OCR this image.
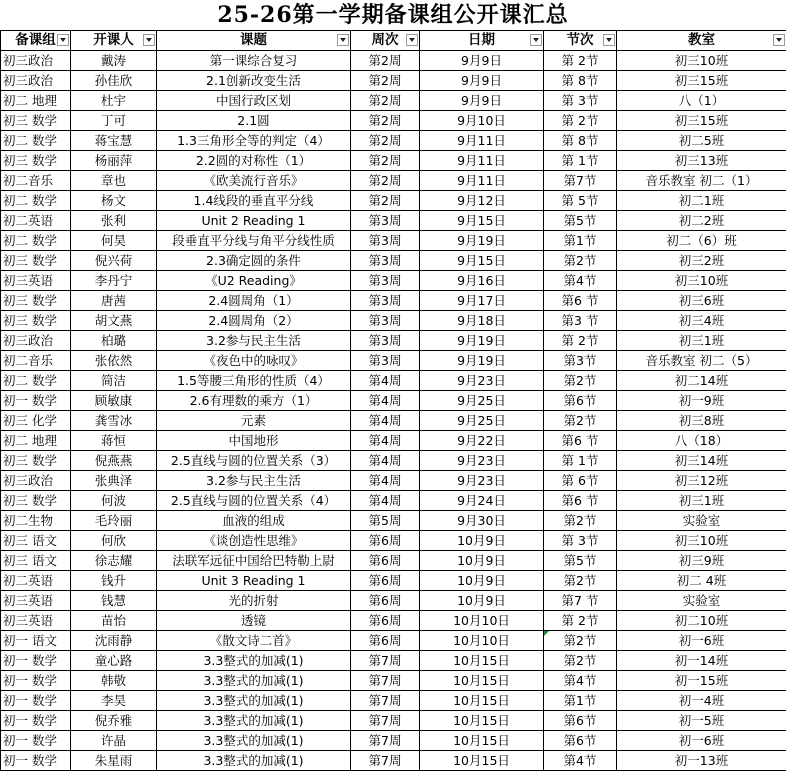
25-26第一学期备课组公开课汇总
备课组	开课人	课题	周次	日期	节次	教室

初三政治	戴涛	第一课综合复习	第2周	9月9日	第 2节	初三10班
初三政治	孙佳欣	2.1创新改变生活	第2周	9月9日	第 8节	初三15班
初二 地理	杜宇	中国行政区划	第2周	9月9日	第 3节	八（1）
初三 数学	丁可	2.1圆	第2周	9月10日	第 2节	初三15班
初二 数学	蒋宝慧	1.3三角形全等的判定（4）	第2周	9月11日	第 8节	初二5班
初三 数学	杨丽萍	2.2圆的对称性（1）	第2周	9月11日	第 1节	初三13班
初二音乐	章也	《欧美流行音乐》	第2周	9月11日	第7节	音乐教室 初二（1）
初二 数学	杨文	1.4线段的垂直平分线	第2周	9月12日	第 5节	初二1班
初二英语	张利	Unit 2 Reading 1	第3周	9月15日	第5节	初二2班
初二 数学	何昊	段垂直平分线与角平分线性质	第3周	9月19日	第1节	初二（6）班
初三 数学	倪兴荷	2.3确定圆的条件	第3周	9月15日	第2节	初三2班
初三英语	李丹宁	《U2 Reading》	第3周	9月16日	第4节	初三10班
初三 数学	唐茜	2.4圆周角（1）	第3周	9月17日	第6 节	初三6班
初三 数学	胡文燕	2.4圆周角（2）	第3周	9月18日	第3 节	初三4班
初三政治	柏璐	3.2参与民主生活	第3周	9月19日	第 2节	初三1班
初二音乐	张依然	《夜色中的咏叹》	第3周	9月19日	第3节	音乐教室 初二（5）
初二 数学	简洁	1.5等腰三角形的性质（4）	第4周	9月23日	第2节	初二14班
初一 数学	顾敏康	2.6有理数的乘方（1）	第4周	9月25日	第6节	初一9班
初三 化学	龚雪冰	元素	第4周	9月25日	第2节	初三8班
初二 地理	蒋恒	中国地形	第4周	9月22日	第6 节	八（18）
初三 数学	倪燕燕	2.5直线与圆的位置关系（3）	第4周	9月23日	第 1节	初三14班
初三政治	张典泽	3.2参与民主生活	第4周	9月23日	第 6节	初三12班
初三 数学	何波	2.5直线与圆的位置关系（4）	第4周	9月24日	第6 节	初三1班
初二生物	毛玲丽	血液的组成	第5周	9月30日	第2节	实验室
初三 语文	何欣	《谈创造性思维》	第6周	10月9日	第 3节	初三10班
初三 语文	徐志耀	法联军远征中国给巴特勒上尉	第6周	10月9日	第5节	初三9班
初二英语	钱升	Unit 3 Reading 1	第6周	10月9日	第2节	初二 4班
初三英语	钱慧	光的折射	第6周	10月9日	第7 节	实验室
初三英语	苗怡	透镜	第6周	10月10日	第 2节	初二10班
初一 语文	沈雨静	《散文诗二首》	第6周	10月10日	第2节	初一6班
初一 数学	童心路	3.3整式的加减(1)	第7周	10月15日	第2节	初一14班
初一 数学	韩敬	3.3整式的加减(1)	第7周	10月15日	第4节	初一15班
初一 数学	李昊	3.3整式的加减(1)	第7周	10月15日	第1节	初一4班
初一 数学	倪乔雅	3.3整式的加减(1)	第7周	10月15日	第6节	初一5班
初一 数学	许晶	3.3整式的加减(1)	第7周	10月15日	第6节	初一6班
初一 数学	朱星雨	3.3整式的加减(1)	第7周	10月15日	第4节	初一13班
